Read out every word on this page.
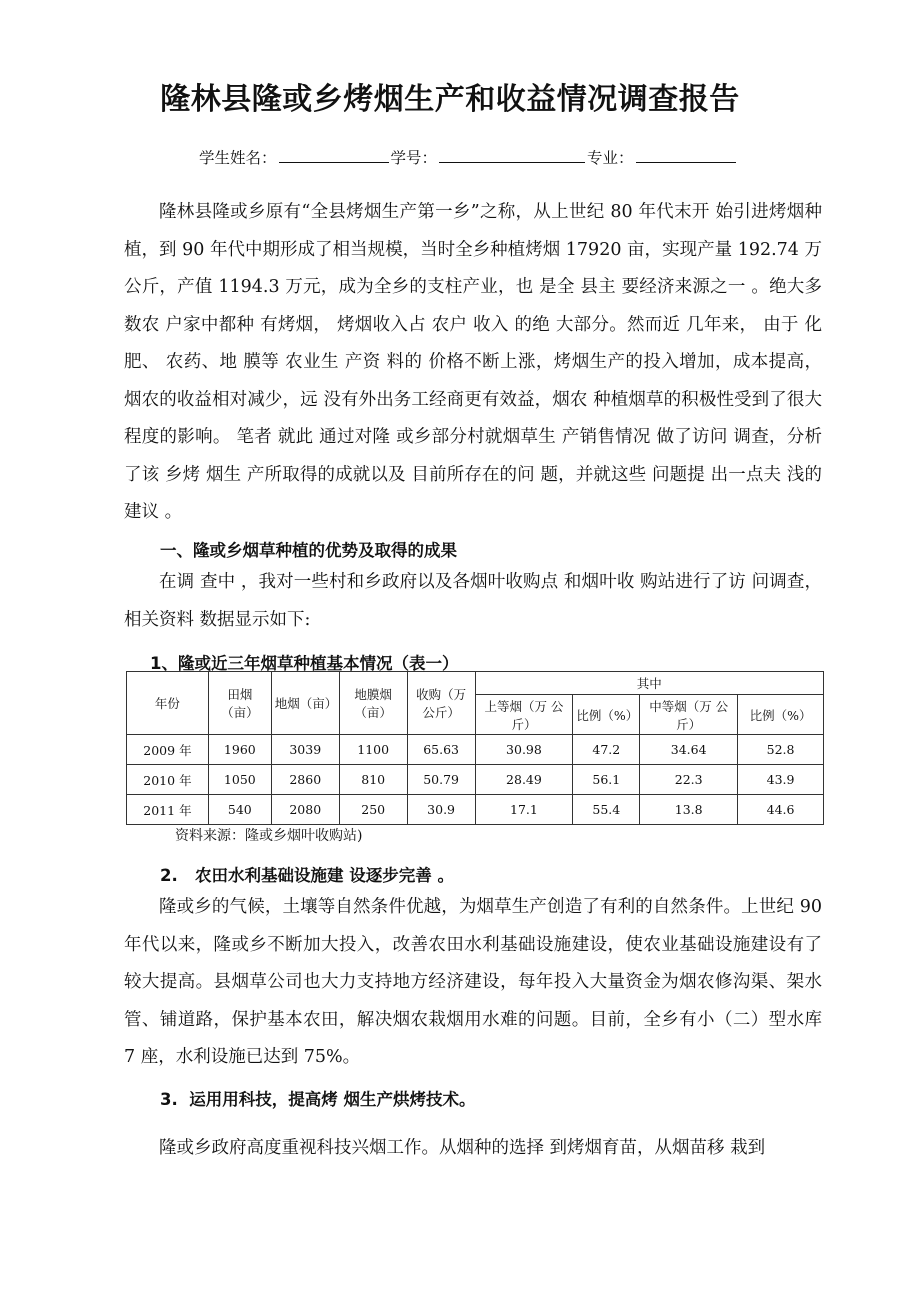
隆林县隆或乡烤烟生产和收益情况调查报告
学生姓名：	学号：	专业：

隆林县隆或乡原有“全县烤烟生产第一乡”之称，从上世纪 80 年代末开 始引进烤烟种植，到 90 年代中期形成了相当规模，当时全乡种植烤烟 17920 亩，实现产量 192.74 万公斤，产值 1194.3 万元，成为全乡的支柱产业，也 是全 县主 要经济来源之一 。绝大多数农 户家中都种 有烤烟， 烤烟收入占 农户 收入 的绝 大部分。然而近 几年来， 由于 化肥、 农药、地 膜等 农业生 产资 料的 价格不断上涨，烤烟生产的投入增加，成本提高， 烟农的收益相对减少，远 没有外出务工经商更有效益，烟农 种植烟草的积极性受到了很大程度的影响。 笔者 就此 通过对隆 或乡部分村就烟草生 产销售情况 做了访问 调查，分析了该 乡烤 烟生 产所取得的成就以及 目前所存在的问 题，并就这些 问题提 出一点夫 浅的 建议 。

一、隆或乡烟草种植的优势及取得的成果

在调 查中 ，我对一些村和乡政府以及各烟叶收购点 和烟叶收 购站进行了访 问调查，相关资料 数据显示如下:

1、隆或近三年烟草种植基本情况（表一）

年份	田烟（亩）	地烟（亩）	地膜烟（亩）	收购（万公斤）	其中			
					上等烟（万 公斤）	比例（%）	中等烟（万 公斤）	比例（%）
2009 年	1960	3039	1100	65.63	30.98	47.2	34.64	52.8
2010 年	1050	2860	810	50.79	28.49	56.1	22.3	43.9
2011 年	540	2080	250	30.9	17.1	55.4	13.8	44.6
资料来源：隆或乡烟叶收购站)

2.   农田水利基础设施建 设逐步完善 。

隆或乡的气候，土壤等自然条件优越，为烟草生产创造了有利的自然条件。上世纪 90 年代以来，隆或乡不断加大投入，改善农田水利基础设施建设，使农业基础设施建设有了较大提高。县烟草公司也大力支持地方经济建设，每年投入大量资金为烟农修沟渠、架水管、铺道路，保护基本农田，解决烟农栽烟用水难的问题。目前，全乡有小（二）型水库 7 座，水利设施已达到 75%。

3.  运用用科技，提高烤 烟生产烘烤技术。

隆或乡政府高度重视科技兴烟工作。从烟种的选择 到烤烟育苗，从烟苗移 栽到
